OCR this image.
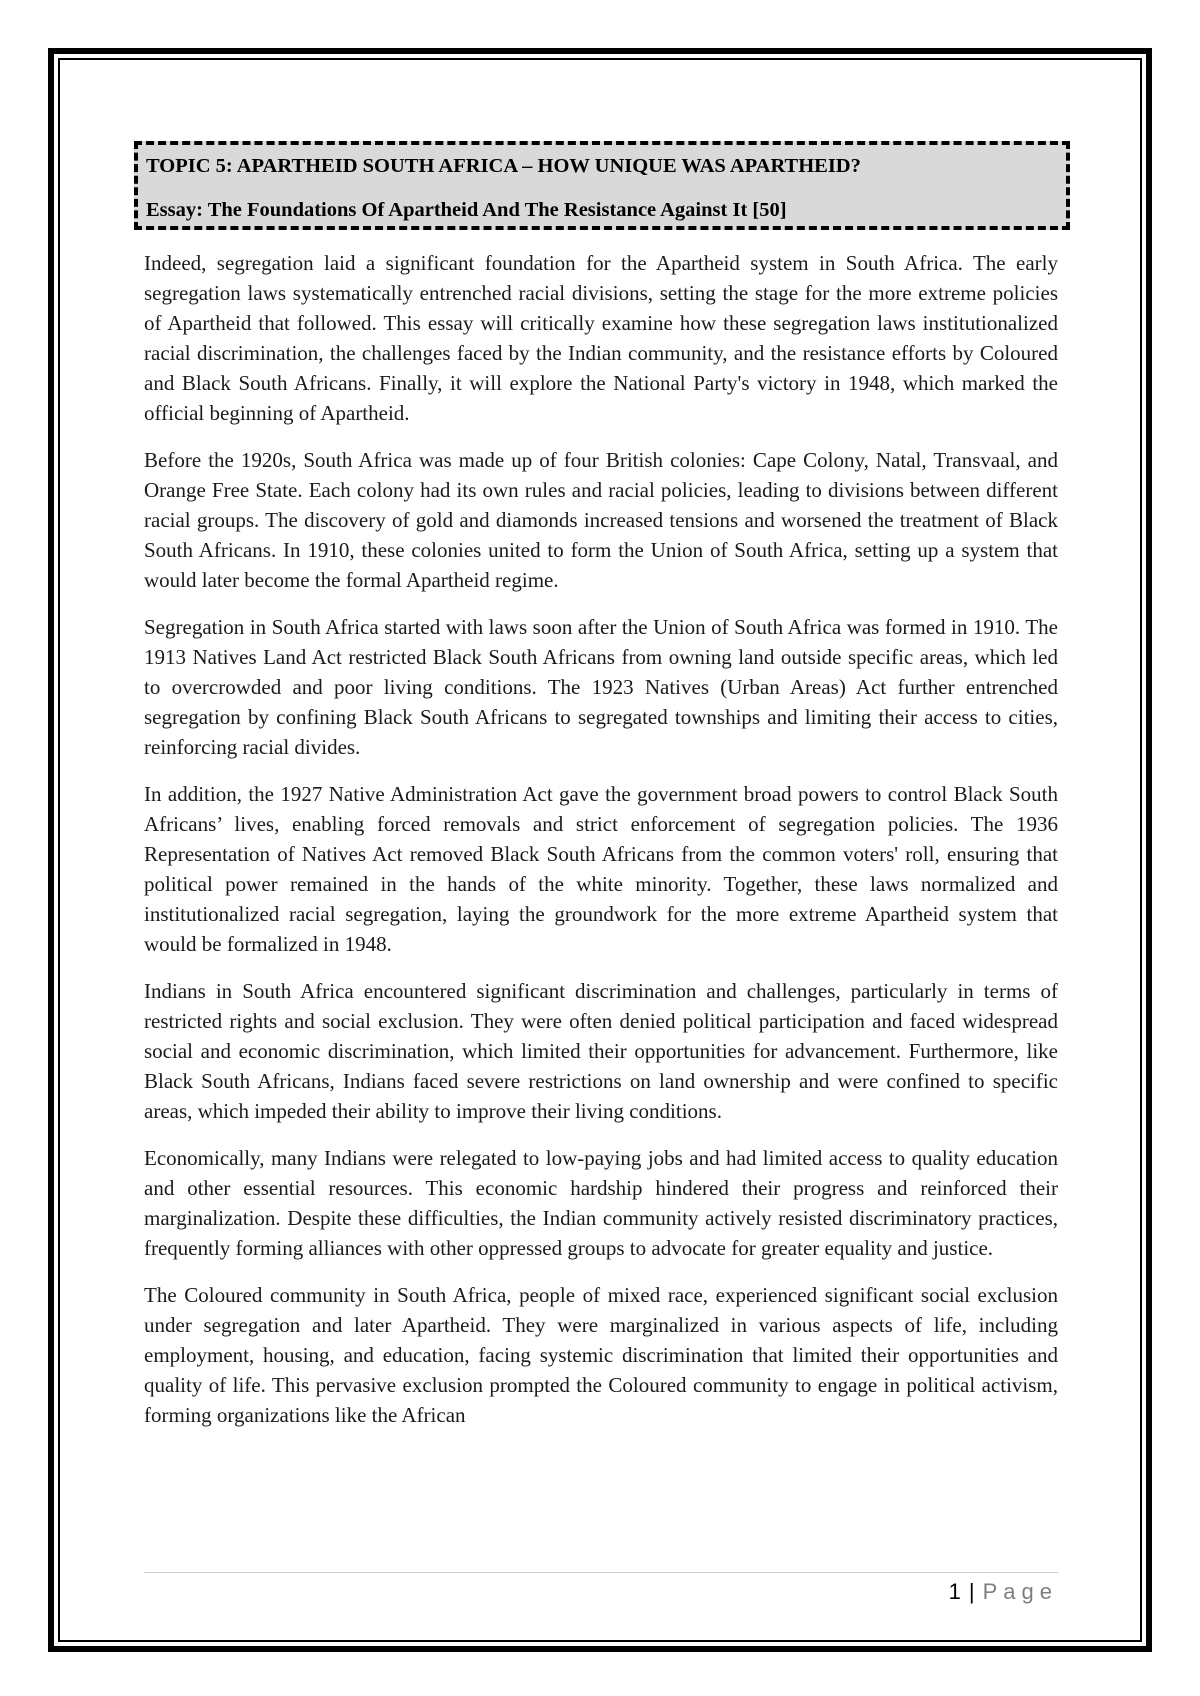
TOPIC 5: APARTHEID SOUTH AFRICA – HOW UNIQUE WAS APARTHEID?
Essay: The Foundations Of Apartheid And The Resistance Against It [50]

Indeed, segregation laid a significant foundation for the Apartheid system in South Africa. The early segregation laws systematically entrenched racial divisions, setting the stage for the more extreme policies of Apartheid that followed. This essay will critically examine how these segregation laws institutionalized racial discrimination, the challenges faced by the Indian community, and the resistance efforts by Coloured and Black South Africans. Finally, it will explore the National Party's victory in 1948, which marked the official beginning of Apartheid.

Before the 1920s, South Africa was made up of four British colonies: Cape Colony, Natal, Transvaal, and Orange Free State. Each colony had its own rules and racial policies, leading to divisions between different racial groups. The discovery of gold and diamonds increased tensions and worsened the treatment of Black South Africans. In 1910, these colonies united to form the Union of South Africa, setting up a system that would later become the formal Apartheid regime.

Segregation in South Africa started with laws soon after the Union of South Africa was formed in 1910. The 1913 Natives Land Act restricted Black South Africans from owning land outside specific areas, which led to overcrowded and poor living conditions. The 1923 Natives (Urban Areas) Act further entrenched segregation by confining Black South Africans to segregated townships and limiting their access to cities, reinforcing racial divides.

In addition, the 1927 Native Administration Act gave the government broad powers to control Black South Africans’ lives, enabling forced removals and strict enforcement of segregation policies. The 1936 Representation of Natives Act removed Black South Africans from the common voters' roll, ensuring that political power remained in the hands of the white minority. Together, these laws normalized and institutionalized racial segregation, laying the groundwork for the more extreme Apartheid system that would be formalized in 1948.

Indians in South Africa encountered significant discrimination and challenges, particularly in terms of restricted rights and social exclusion. They were often denied political participation and faced widespread social and economic discrimination, which limited their opportunities for advancement. Furthermore, like Black South Africans, Indians faced severe restrictions on land ownership and were confined to specific areas, which impeded their ability to improve their living conditions.

Economically, many Indians were relegated to low-paying jobs and had limited access to quality education and other essential resources. This economic hardship hindered their progress and reinforced their marginalization. Despite these difficulties, the Indian community actively resisted discriminatory practices, frequently forming alliances with other oppressed groups to advocate for greater equality and justice.

The Coloured community in South Africa, people of mixed race, experienced significant social exclusion under segregation and later Apartheid. They were marginalized in various aspects of life, including employment, housing, and education, facing systemic discrimination that limited their opportunities and quality of life. This pervasive exclusion prompted the Coloured community to engage in political activism, forming organizations like the African

1 | Page
